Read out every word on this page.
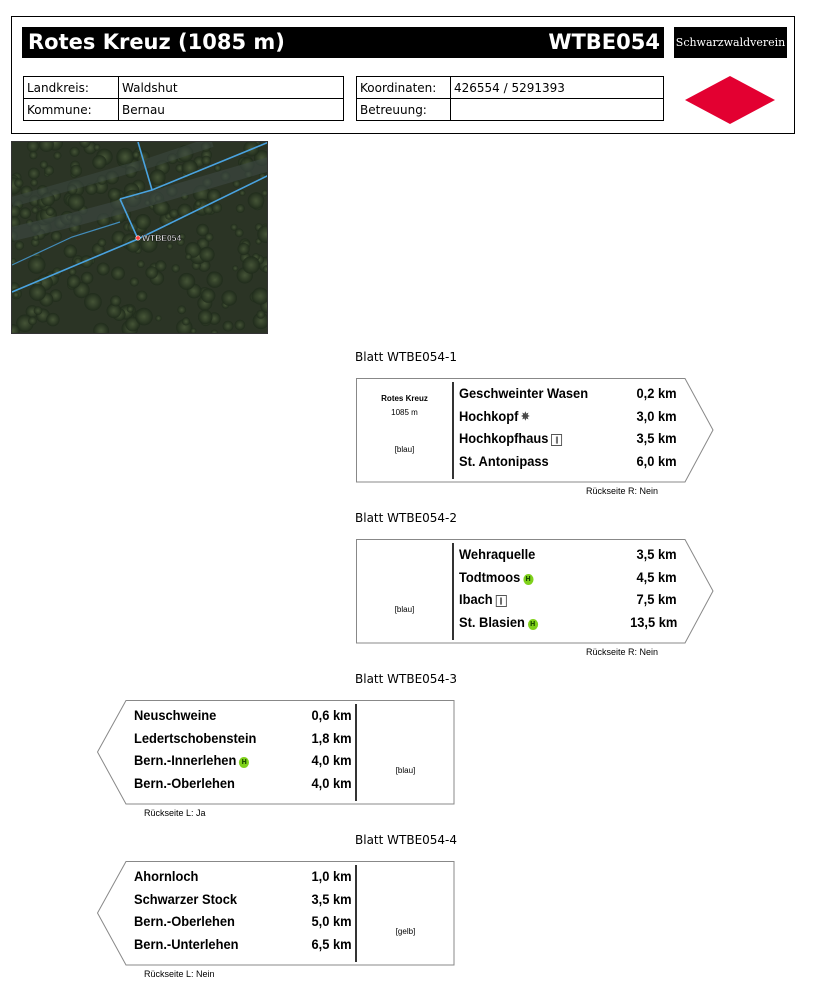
Rotes Kreuz (1085 m)	WTBE054 Schwarzwaldverein
Landkreis:	Waldshut
Kommune:	Bernau
Koordinaten:	426554 / 5291393
Betreuung:	
WTBE054
Blatt WTBE054-1
Rotes Kreuz
1085 m
[blau]
Geschweinter Wasen	0,2 km
Hochkopf ✵	3,0 km
Hochkopfhaus ‖	3,5 km
St. Antonipass	6,0 km
Rückseite R: Nein
Blatt WTBE054-2
[blau]
Wehraquelle	3,5 km
Todtmoos H	4,5 km
Ibach ‖	7,5 km
St. Blasien H	13,5 km
Rückseite R: Nein
Blatt WTBE054-3
[blau]
Neuschweine	0,6 km
Ledertschobenstein	1,8 km
Bern.-Innerlehen H	4,0 km
Bern.-Oberlehen	4,0 km
Rückseite L: Ja
Blatt WTBE054-4
[gelb]
Ahornloch	1,0 km
Schwarzer Stock	3,5 km
Bern.-Oberlehen	5,0 km
Bern.-Unterlehen	6,5 km
Rückseite L: Nein
